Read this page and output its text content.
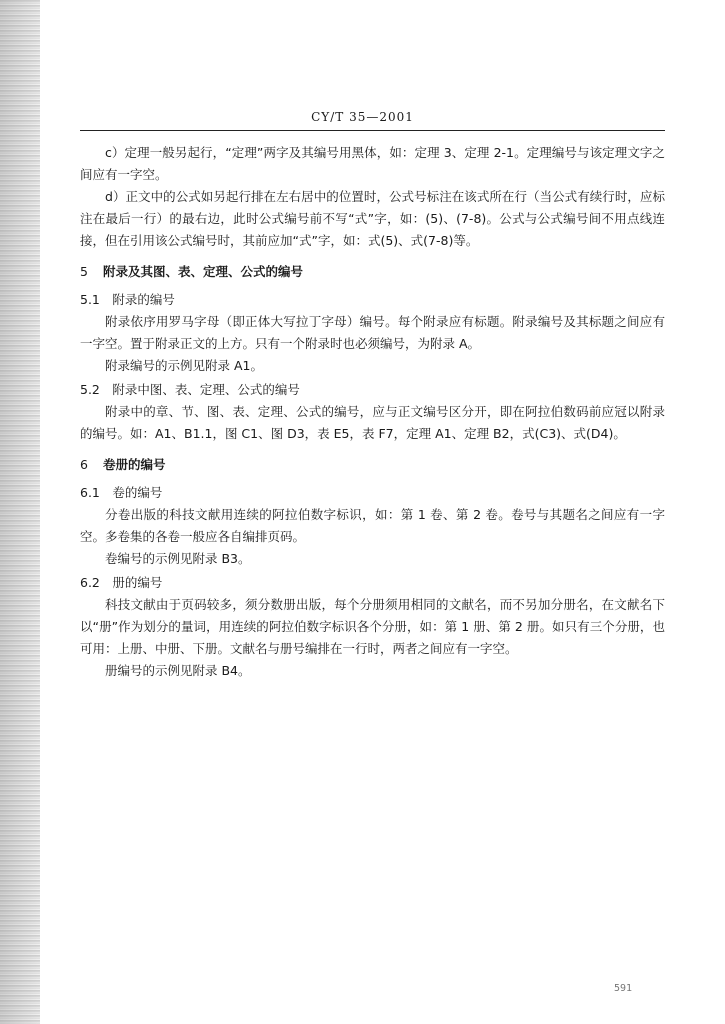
CY/T 35—2001

c）定理一般另起行，“定理”两字及其编号用黑体，如：定理 3、定理 2-1。定理编号与该定理文字之间应有一字空。

d）正文中的公式如另起行排在左右居中的位置时，公式号标注在该式所在行（当公式有续行时，应标注在最后一行）的最右边，此时公式编号前不写“式”字，如：(5)、(7-8)。公式与公式编号间不用点线连接，但在引用该公式编号时，其前应加“式”字，如：式(5)、式(7-8)等。

5 附录及其图、表、定理、公式的编号
5.1 附录的编号

附录依序用罗马字母（即正体大写拉丁字母）编号。每个附录应有标题。附录编号及其标题之间应有一字空。置于附录正文的上方。只有一个附录时也必须编号，为附录 A。

附录编号的示例见附录 A1。

5.2 附录中图、表、定理、公式的编号

附录中的章、节、图、表、定理、公式的编号，应与正文编号区分开，即在阿拉伯数码前应冠以附录的编号。如：A1、B1.1，图 C1、图 D3，表 E5，表 F7，定理 A1、定理 B2，式(C3)、式(D4)。

6 卷册的编号
6.1 卷的编号

分卷出版的科技文献用连续的阿拉伯数字标识，如：第 1 卷、第 2 卷。卷号与其题名之间应有一字空。多卷集的各卷一般应各自编排页码。

卷编号的示例见附录 B3。

6.2 册的编号

科技文献由于页码较多，须分数册出版，每个分册须用相同的文献名，而不另加分册名，在文献名下以“册”作为划分的量词，用连续的阿拉伯数字标识各个分册，如：第 1 册、第 2 册。如只有三个分册，也可用：上册、中册、下册。文献名与册号编排在一行时，两者之间应有一字空。

册编号的示例见附录 B4。

591
